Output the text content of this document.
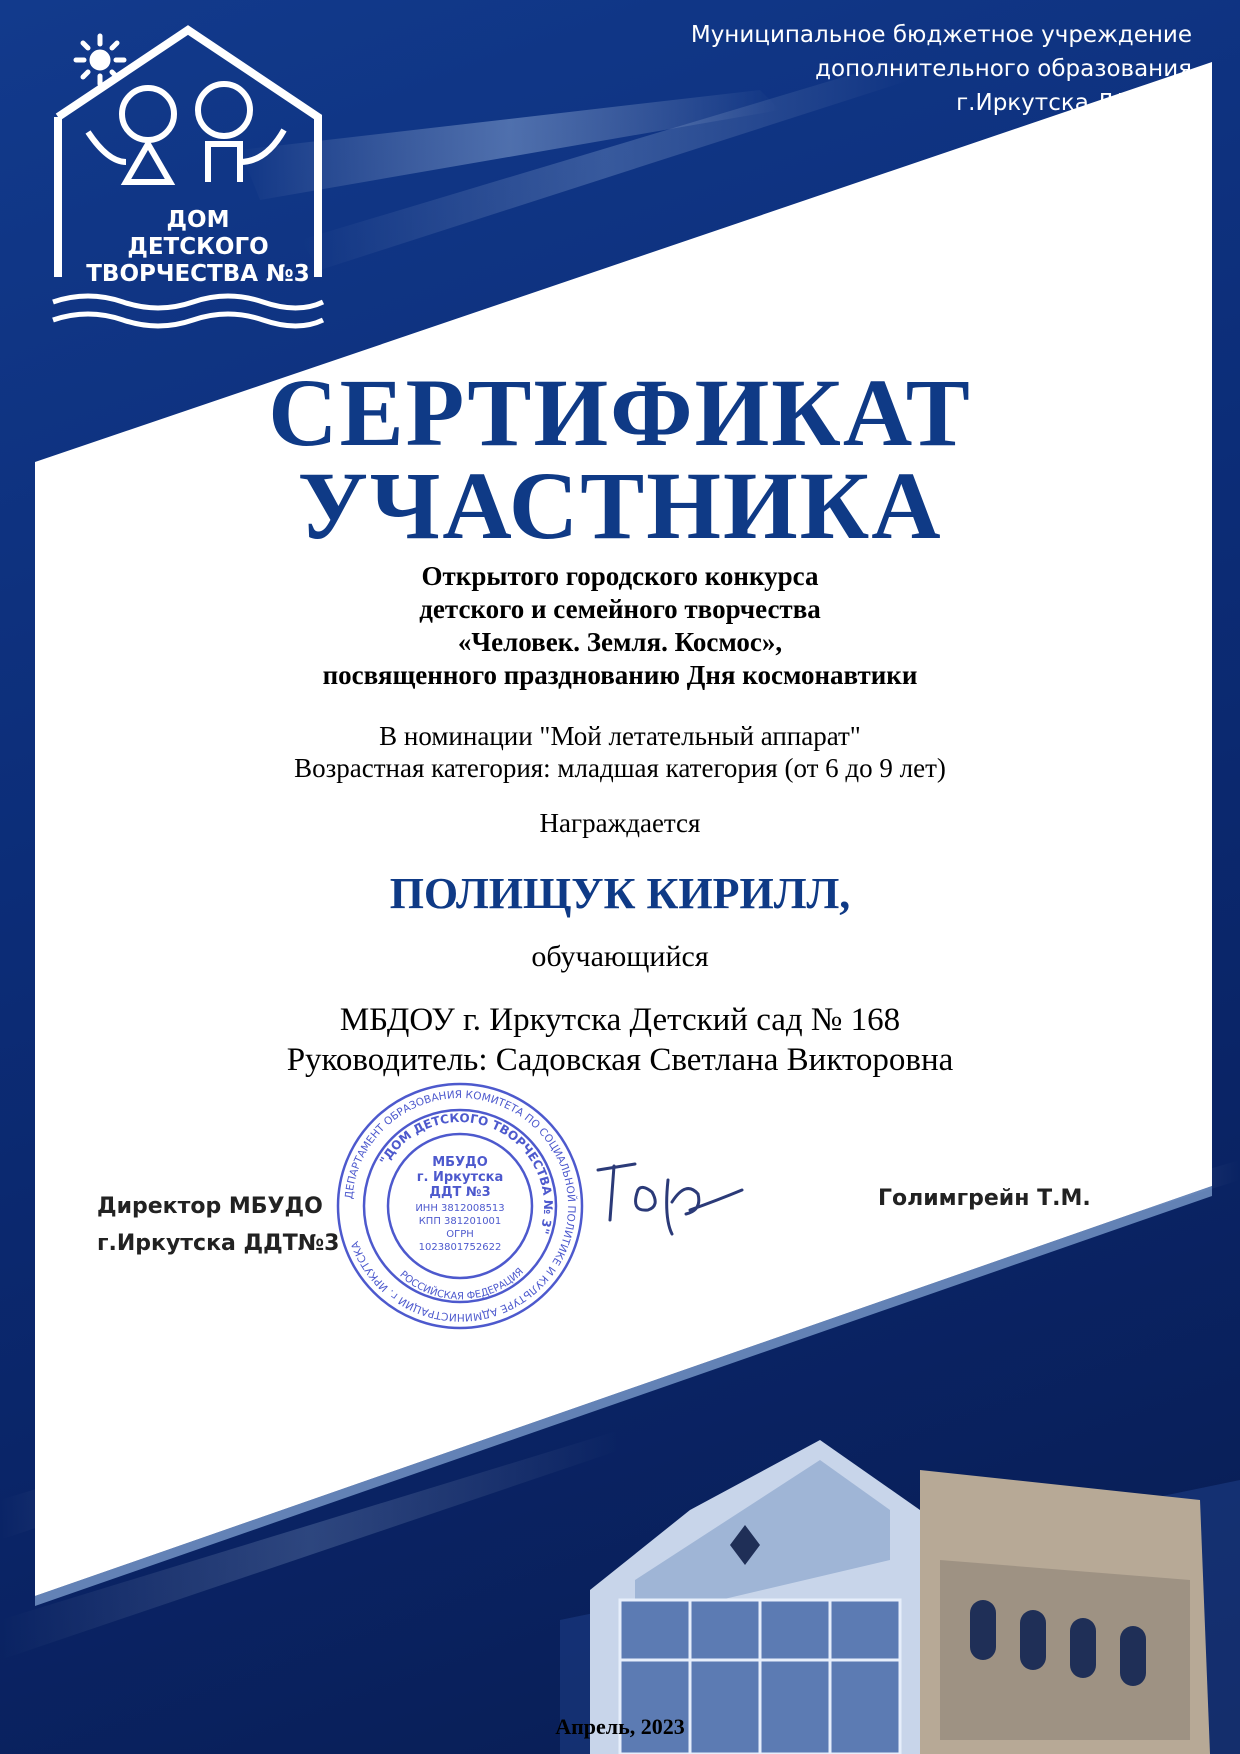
Муниципальное бюджетное учреждение
дополнительного образования
г.Иркутска ДДТ №3
ДОМ
ДЕТСКОГО
ТВОРЧЕСТВА №3
СЕРТИФИКАТ
УЧАСТНИКА
Открытого городского конкурса
детского и семейного творчества
«Человек. Земля. Космос»,
посвященного празднованию Дня космонавтики
В номинации "Мой летательный аппарат"
Возрастная категория: младшая категория (от 6 до 9 лет)
Награждается
ПОЛИЩУК КИРИЛЛ,
обучающийся
МБДОУ г. Иркутска Детский сад № 168
Руководитель: Садовская Светлана Викторовна
Директор МБУДО
г.Иркутска ДДТ№3
Голимгрейн Т.М.
ДЕПАРТАМЕНТ ОБРАЗОВАНИЯ КОМИТЕТА ПО СОЦИАЛЬНОЙ ПОЛИТИКЕ И КУЛЬТУРЕ АДМИНИСТРАЦИИ г. ИРКУТСКА
"ДОМ ДЕТСКОГО ТВОРЧЕСТВА № 3"
РОССИЙСКАЯ ФЕДЕРАЦИЯ
МБУДО
г. Иркутска
ДДТ №3
ИНН 3812008513
КПП 381201001
ОГРН
1023801752622
Апрель, 2023
